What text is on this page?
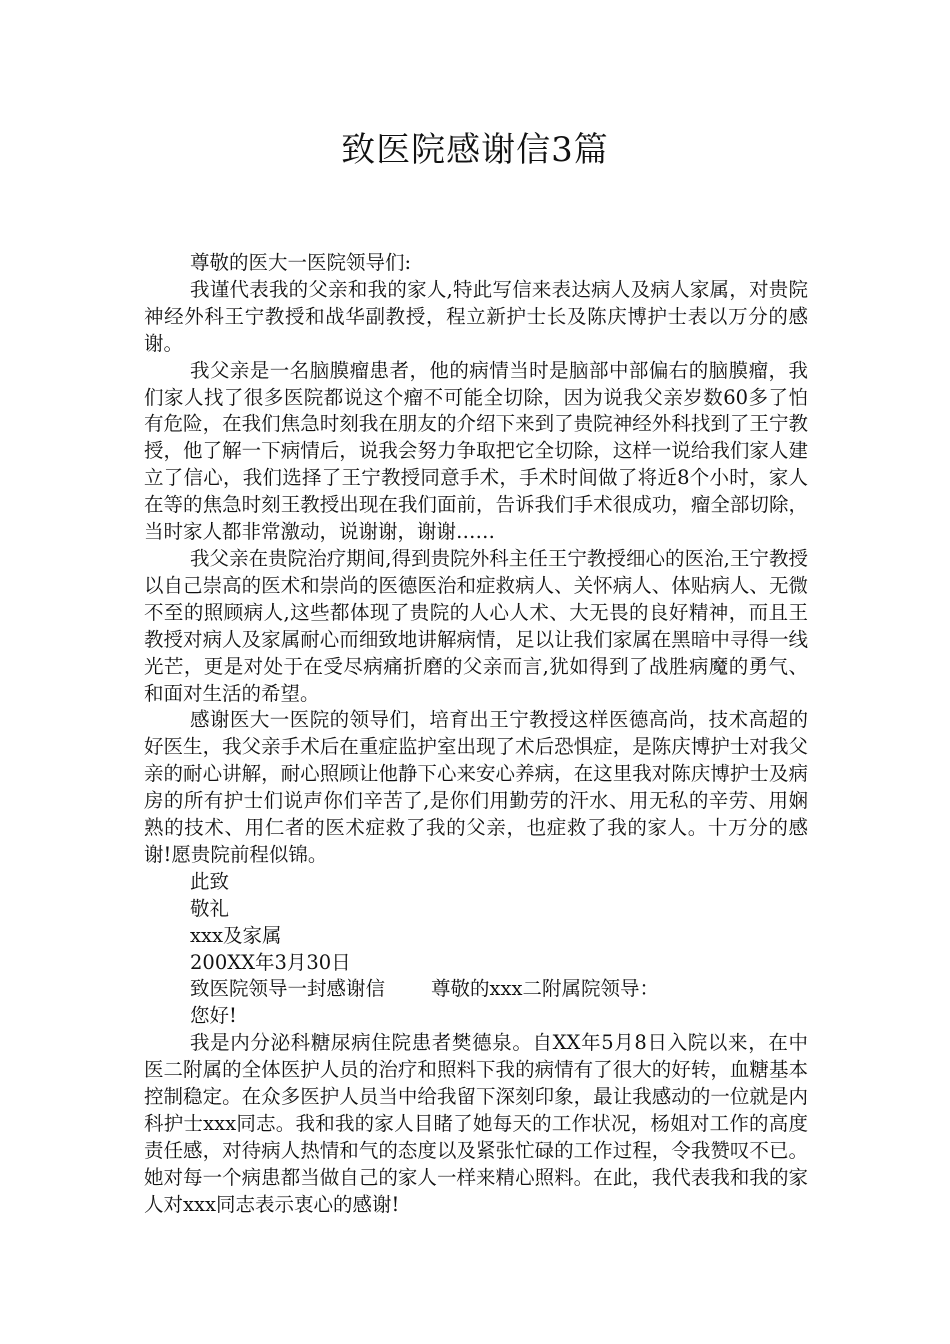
致医院感谢信3篇

尊敬的医大一医院领导们:

我谨代表我的父亲和我的家人,特此写信来表达病人及病人家属，对贵院神经外科王宁教授和战华副教授，程立新护士长及陈庆博护士表以万分的感谢。

我父亲是一名脑膜瘤患者，他的病情当时是脑部中部偏右的脑膜瘤，我们家人找了很多医院都说这个瘤不可能全切除，因为说我父亲岁数60多了怕有危险，在我们焦急时刻我在朋友的介绍下来到了贵院神经外科找到了王宁教授，他了解一下病情后，说我会努力争取把它全切除，这样一说给我们家人建立了信心，我们选择了王宁教授同意手术，手术时间做了将近8个小时，家人在等的焦急时刻王教授出现在我们面前，告诉我们手术很成功，瘤全部切除，当时家人都非常激动，说谢谢，谢谢……

我父亲在贵院治疗期间,得到贵院外科主任王宁教授细心的医治,王宁教授以自己崇高的医术和崇尚的医德医治和症救病人、关怀病人、体贴病人、无微不至的照顾病人,这些都体现了贵院的人心人术、大无畏的良好精神，而且王教授对病人及家属耐心而细致地讲解病情，足以让我们家属在黑暗中寻得一线光芒，更是对处于在受尽病痛折磨的父亲而言,犹如得到了战胜病魔的勇气、和面对生活的希望。

感谢医大一医院的领导们，培育出王宁教授这样医德高尚，技术高超的好医生，我父亲手术后在重症监护室出现了术后恐惧症，是陈庆博护士对我父亲的耐心讲解，耐心照顾让他静下心来安心养病，在这里我对陈庆博护士及病房的所有护士们说声你们辛苦了,是你们用勤劳的汗水、用无私的辛劳、用娴熟的技术、用仁者的医术症救了我的父亲，也症救了我的家人。十万分的感谢!愿贵院前程似锦。

此致

敬礼

xxx及家属

200XX年3月30日

致医院领导一封感谢信 尊敬的xxx二附属院领导：

您好!

我是内分泌科糖尿病住院患者樊德泉。自XX年5月8日入院以来，在中医二附属的全体医护人员的治疗和照料下我的病情有了很大的好转，血糖基本控制稳定。在众多医护人员当中给我留下深刻印象，最让我感动的一位就是内科护士xxx同志。我和我的家人目睹了她每天的工作状况，杨姐对工作的高度责任感，对待病人热情和气的态度以及紧张忙碌的工作过程，令我赞叹不已。她对每一个病患都当做自己的家人一样来精心照料。在此，我代表我和我的家人对xxx同志表示衷心的感谢!
